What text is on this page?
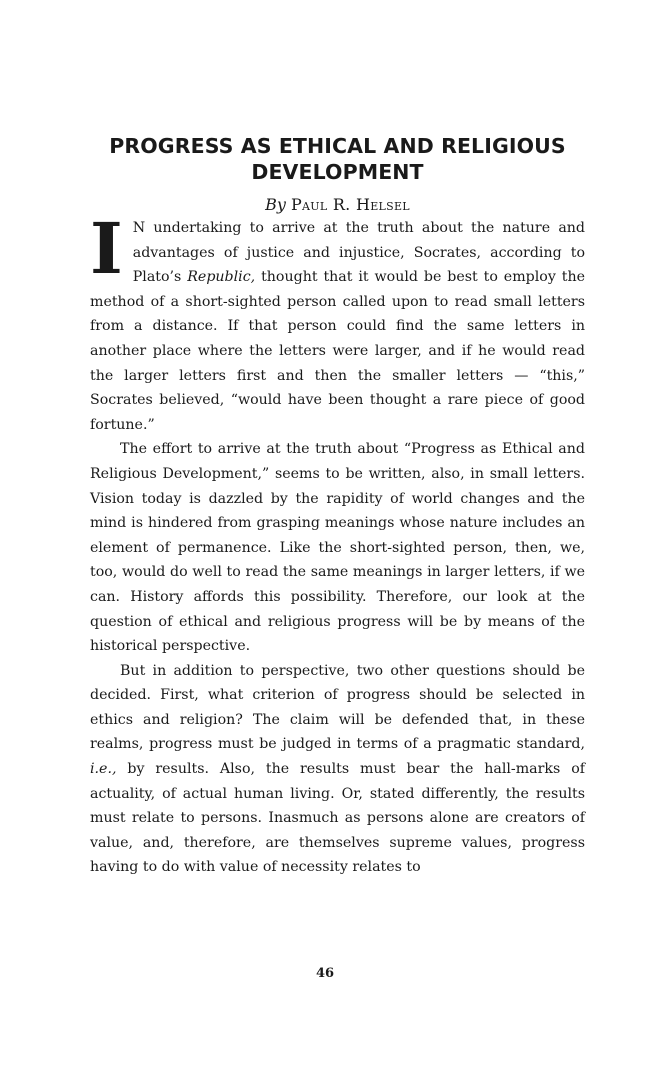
PROGRESS AS ETHICAL AND RELIGIOUS
DEVELOPMENT
By Paul R. Helsel

I N undertaking to arrive at the truth about the nature and advantages of justice and injustice, Socrates, according to Plato’s Republic, thought that it would be best to employ the method of a short-sighted person called upon to read small letters from a distance. If that person could find the same letters in another place where the letters were larger, and if he would read the larger letters first and then the smaller letters — “this,” Socrates believed, “would have been thought a rare piece of good fortune.”

The effort to arrive at the truth about “Progress as Ethical and Religious Development,” seems to be written, also, in small letters. Vision today is dazzled by the rapidity of world changes and the mind is hindered from grasping meanings whose nature includes an element of permanence. Like the short-sighted person, then, we, too, would do well to read the same meanings in larger letters, if we can. History affords this possibility. Therefore, our look at the question of ethical and religious progress will be by means of the historical perspective.

But in addition to perspective, two other questions should be decided. First, what criterion of progress should be selected in ethics and religion? The claim will be defended that, in these realms, progress must be judged in terms of a pragmatic standard, i.e., by results. Also, the results must bear the hall-marks of actuality, of actual human living. Or, stated differently, the results must relate to persons. Inasmuch as persons alone are creators of value, and, therefore, are themselves supreme values, progress having to do with value of necessity relates to

46
